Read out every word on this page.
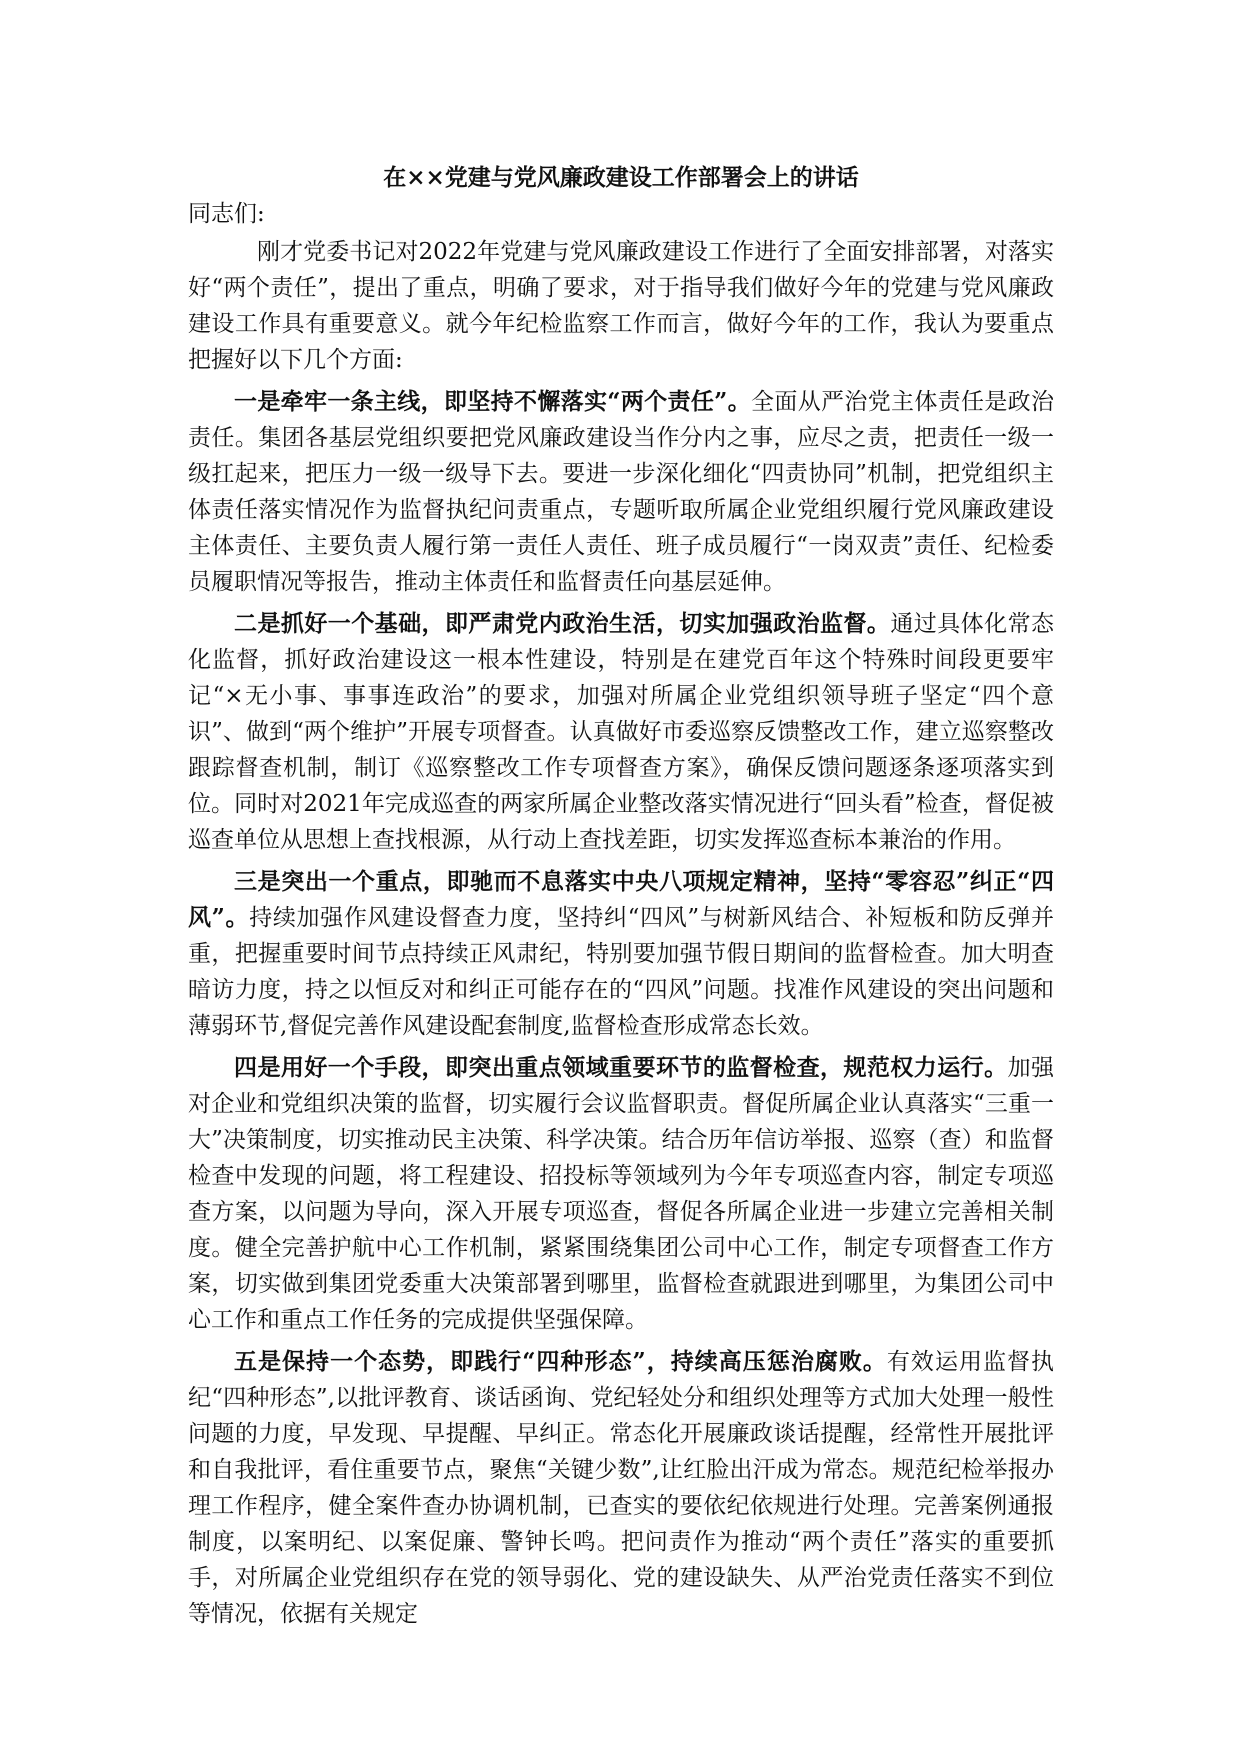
在××党建与党风廉政建设工作部署会上的讲话

同志们:

刚才党委书记对2022年党建与党风廉政建设工作进行了全面安排部署，对落实好“两个责任”，提出了重点，明确了要求，对于指导我们做好今年的党建与党风廉政建设工作具有重要意义。就今年纪检监察工作而言，做好今年的工作，我认为要重点把握好以下几个方面:

一是牵牢一条主线，即坚持不懈落实“两个责任”。全面从严治党主体责任是政治责任。集团各基层党组织要把党风廉政建设当作分内之事，应尽之责，把责任一级一级扛起来，把压力一级一级导下去。要进一步深化细化“四责协同”机制，把党组织主体责任落实情况作为监督执纪问责重点，专题听取所属企业党组织履行党风廉政建设主体责任、主要负责人履行第一责任人责任、班子成员履行“一岗双责”责任、纪检委员履职情况等报告，推动主体责任和监督责任向基层延伸。

二是抓好一个基础，即严肃党内政治生活，切实加强政治监督。通过具体化常态化监督，抓好政治建设这一根本性建设，特别是在建党百年这个特殊时间段更要牢记“×无小事、事事连政治”的要求，加强对所属企业党组织领导班子坚定“四个意识”、做到“两个维护”开展专项督查。认真做好市委巡察反馈整改工作，建立巡察整改跟踪督查机制，制订《巡察整改工作专项督查方案》，确保反馈问题逐条逐项落实到位。同时对2021年完成巡查的两家所属企业整改落实情况进行“回头看”检查，督促被巡查单位从思想上查找根源，从行动上查找差距，切实发挥巡查标本兼治的作用。

三是突出一个重点，即驰而不息落实中央八项规定精神，坚持“零容忍”纠正“四风”。持续加强作风建设督查力度，坚持纠“四风”与树新风结合、补短板和防反弹并重，把握重要时间节点持续正风肃纪，特别要加强节假日期间的监督检查。加大明查暗访力度，持之以恒反对和纠正可能存在的“四风”问题。找准作风建设的突出问题和薄弱环节,督促完善作风建设配套制度,监督检查形成常态长效。

四是用好一个手段，即突出重点领域重要环节的监督检查，规范权力运行。加强对企业和党组织决策的监督，切实履行会议监督职责。督促所属企业认真落实“三重一大”决策制度，切实推动民主决策、科学决策。结合历年信访举报、巡察（查）和监督检查中发现的问题，将工程建设、招投标等领域列为今年专项巡查内容，制定专项巡查方案，以问题为导向，深入开展专项巡查，督促各所属企业进一步建立完善相关制度。健全完善护航中心工作机制，紧紧围绕集团公司中心工作，制定专项督查工作方案，切实做到集团党委重大决策部署到哪里，监督检查就跟进到哪里，为集团公司中心工作和重点工作任务的完成提供坚强保障。

五是保持一个态势，即践行“四种形态”，持续高压惩治腐败。有效运用监督执纪“四种形态”,以批评教育、谈话函询、党纪轻处分和组织处理等方式加大处理一般性问题的力度，早发现、早提醒、早纠正。常态化开展廉政谈话提醒，经常性开展批评和自我批评，看住重要节点，聚焦“关键少数”,让红脸出汗成为常态。规范纪检举报办理工作程序，健全案件查办协调机制，已查实的要依纪依规进行处理。完善案例通报制度，以案明纪、以案促廉、警钟长鸣。把问责作为推动“两个责任”落实的重要抓手，对所属企业党组织存在党的领导弱化、党的建设缺失、从严治党责任落实不到位等情况，依据有关规定
